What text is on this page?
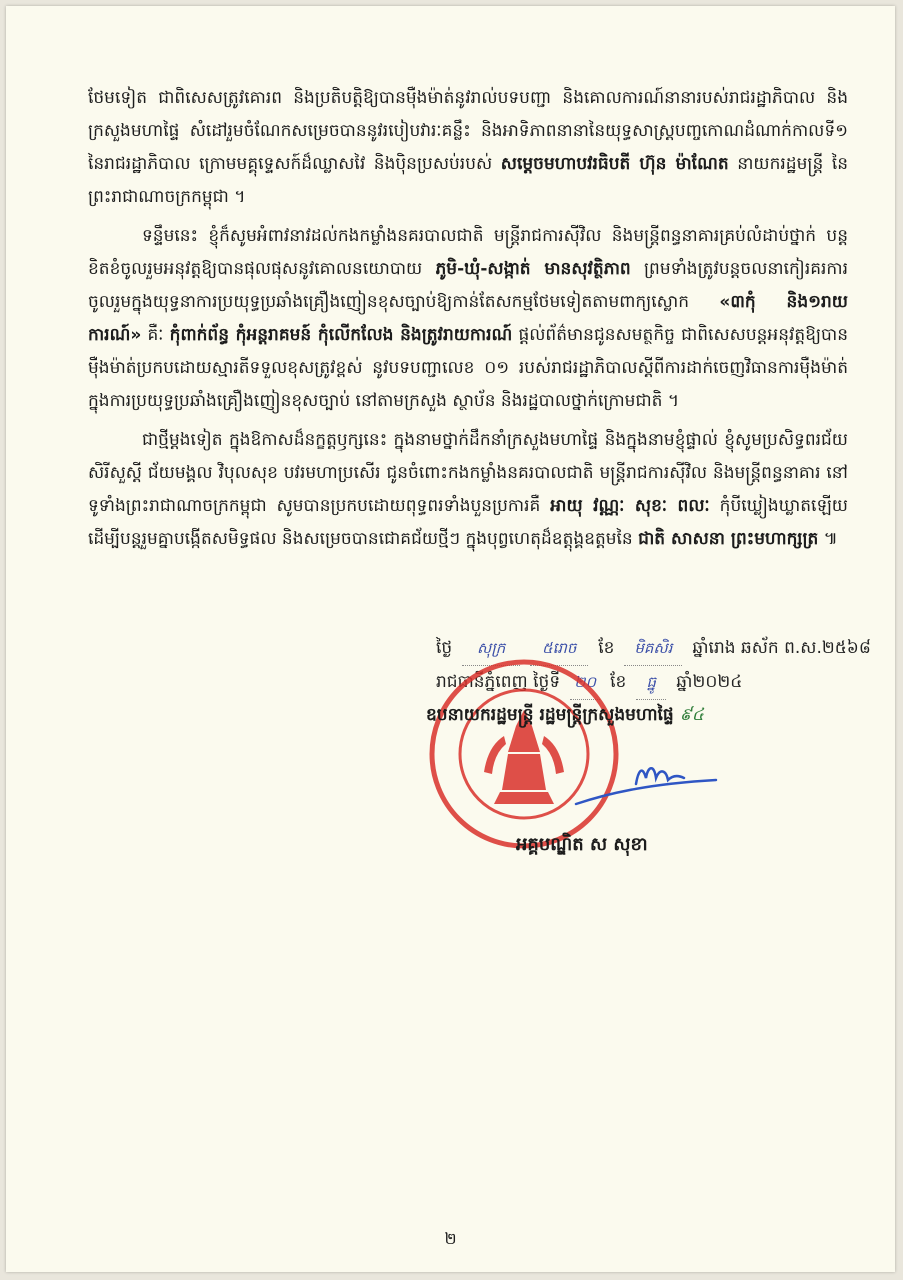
ថែមទៀត ជាពិសេសត្រូវគោរព និងប្រតិបត្តិឱ្យបានម៉ឺងម៉ាត់នូវរាល់បទបញ្ជា និងគោលការណ៍នានារបស់រាជរដ្ឋាភិបាល និងក្រសួងមហាផ្ទៃ សំដៅរួមចំណែកសម្រេចបាននូវរបៀបវារៈគន្លឹះ និងអាទិភាពនានានៃយុទ្ធសាស្ត្របញ្ចកោណដំណាក់កាលទី១ នៃរាជរដ្ឋាភិបាល ក្រោមមគ្គុទ្ទេសក៍ដ៏ឈ្លាសវៃ និងប៉ិនប្រសប់របស់ សម្តេចមហាបវរធិបតី ហ៊ុន ម៉ាណែត នាយករដ្ឋមន្ត្រី នៃព្រះរាជាណាចក្រកម្ពុជា ។

ទន្ទឹមនេះ ខ្ញុំក៏សូមអំពាវនាវដល់កងកម្លាំងនគរបាលជាតិ មន្ត្រីរាជការស៊ីវិល និងមន្ត្រីពន្ធនាគារគ្រប់លំដាប់ថ្នាក់ បន្តខិតខំចូលរួមអនុវត្តឱ្យបានផុលផុសនូវគោលនយោបាយ ភូមិ-ឃុំ-សង្កាត់ មានសុវត្ថិភាព ព្រមទាំងត្រូវបន្តចលនាកៀរគរការចូលរួមក្នុងយុទ្ធនាការប្រយុទ្ធប្រឆាំងគ្រឿងញៀនខុសច្បាប់ឱ្យកាន់តែសកម្មថែមទៀតតាមពាក្យស្លោក «៣កុំ និង១រាយការណ៍» គឺៈ កុំពាក់ព័ន្ធ កុំអន្តរាគមន៍ កុំលើកលែង និងត្រូវរាយការណ៍ ផ្តល់ព័ត៌មានជូនសមត្ថកិច្ច ជាពិសេសបន្តអនុវត្តឱ្យបានម៉ឺងម៉ាត់ប្រកបដោយស្មារតីទទួលខុសត្រូវខ្ពស់ នូវបទបញ្ជាលេខ ០១ របស់រាជរដ្ឋាភិបាលស្តីពីការដាក់ចេញវិធានការម៉ឺងម៉ាត់ក្នុងការប្រយុទ្ធប្រឆាំងគ្រឿងញៀនខុសច្បាប់ នៅតាមក្រសួង ស្ថាប័ន និងរដ្ឋបាលថ្នាក់ក្រោមជាតិ ។

ជាថ្មីម្តងទៀត ក្នុងឱកាសដ៏នក្ខត្តឫក្សនេះ ក្នុងនាមថ្នាក់ដឹកនាំក្រសួងមហាផ្ទៃ និងក្នុងនាមខ្ញុំផ្ទាល់ ខ្ញុំសូមប្រសិទ្ធពរជ័យ សិរីសួស្តី ជ័យមង្គល វិបុលសុខ បវរមហាប្រសើរ ជូនចំពោះកងកម្លាំងនគរបាលជាតិ មន្ត្រីរាជការស៊ីវិល និងមន្ត្រីពន្ធនាគារ នៅទូទាំងព្រះរាជាណាចក្រកម្ពុជា សូមបានប្រកបដោយពុទ្ធពរទាំងបួនប្រការគឺ អាយុ វណ្ណៈ សុខៈ ពលៈ កុំបីឃ្លៀងឃ្លាតឡើយ ដើម្បីបន្តរួមគ្នាបង្កើតសមិទ្ធផល និងសម្រេចបានជោគជ័យថ្មីៗ ក្នុងបុព្វហេតុដ៏ឧត្តុង្គឧត្តមនៃ ជាតិ សាសនា ព្រះមហាក្សត្រ ៕

ថ្ងៃ	សុក្រ	៥រោច	ខែ	មិគសិរ	ឆ្នាំរោង ឆស័ក ព.ស.២៥៦៨
រាជធានីភ្នំពេញ ថ្ងៃទី ២០ ខែ	ធ្នូ	ឆ្នាំ២០២៤
ឧបនាយករដ្ឋមន្ត្រី រដ្ឋមន្ត្រីក្រសួងមហាផ្ទៃ ៩៤
អគ្គបណ្ឌិត ស សុខា
២
